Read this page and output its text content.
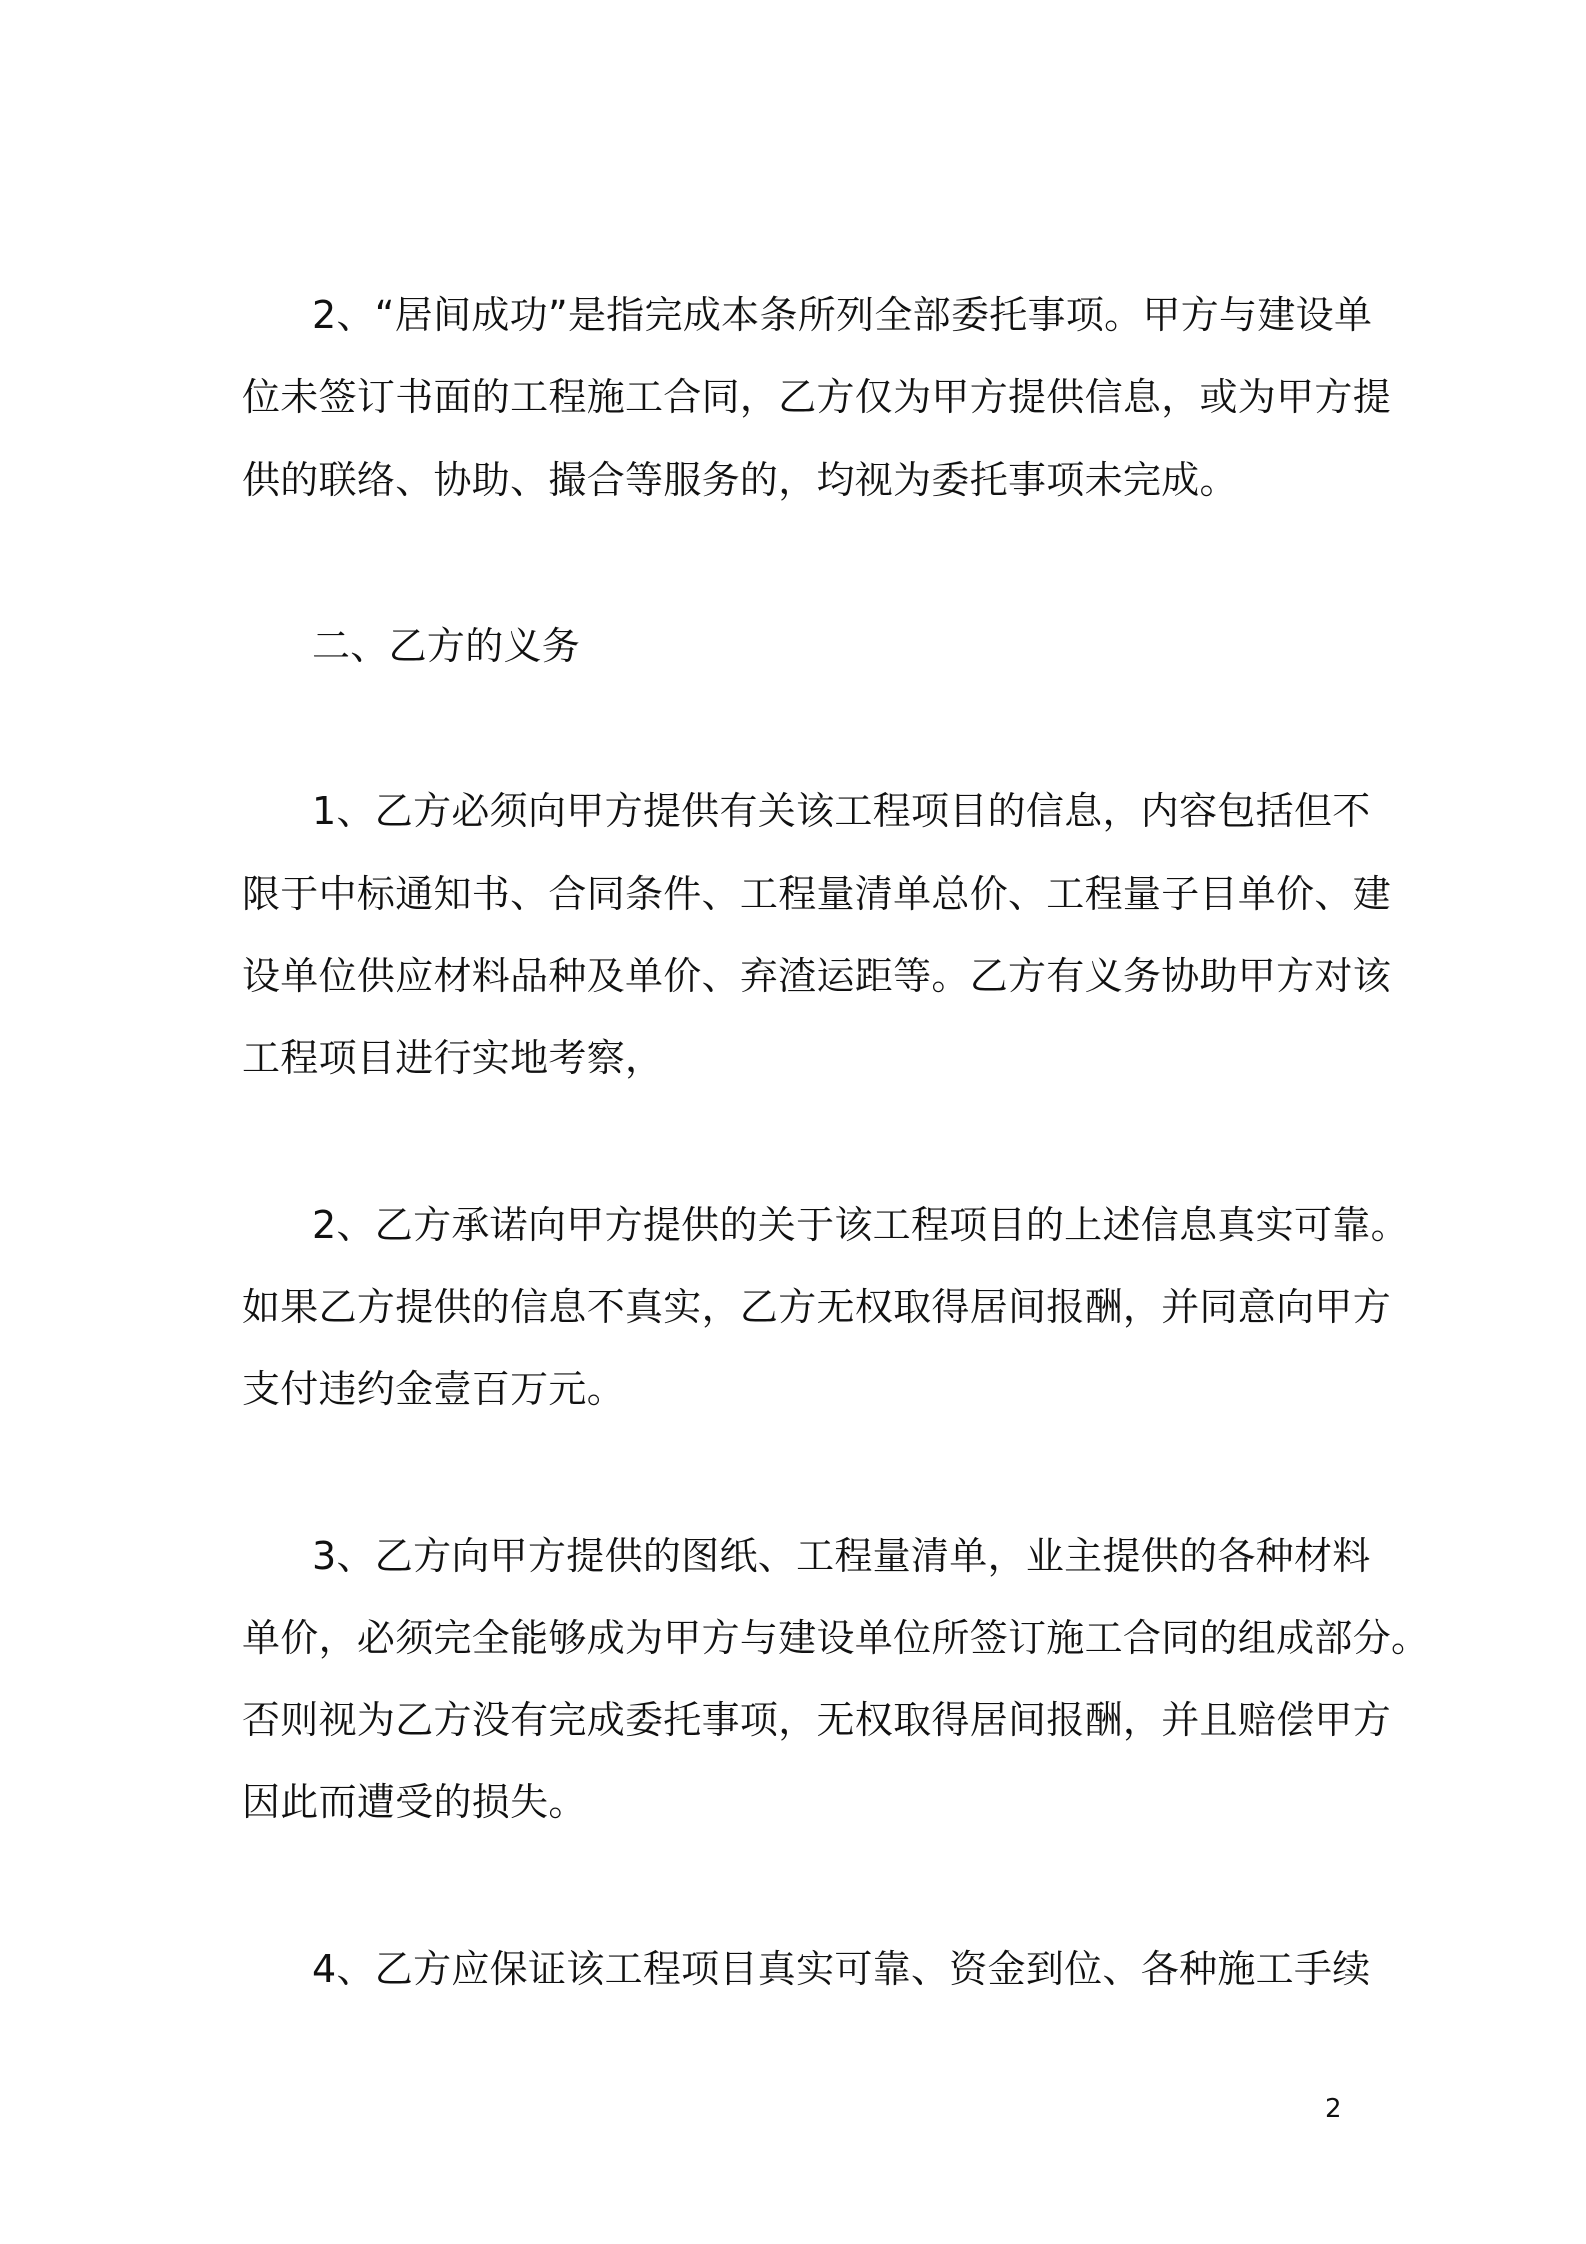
2、“居间成功”是指完成本条所列全部委托事项。甲方与建设单
位未签订书面的工程施工合同，乙方仅为甲方提供信息，或为甲方提
供的联络、协助、撮合等服务的，均视为委托事项未完成。
二、乙方的义务
1、乙方必须向甲方提供有关该工程项目的信息，内容包括但不
限于中标通知书、合同条件、工程量清单总价、工程量子目单价、建
设单位供应材料品种及单价、弃渣运距等。乙方有义务协助甲方对该
工程项目进行实地考察，
2、乙方承诺向甲方提供的关于该工程项目的上述信息真实可靠。
如果乙方提供的信息不真实，乙方无权取得居间报酬，并同意向甲方
支付违约金壹百万元。
3、乙方向甲方提供的图纸、工程量清单，业主提供的各种材料
单价，必须完全能够成为甲方与建设单位所签订施工合同的组成部分。
否则视为乙方没有完成委托事项，无权取得居间报酬，并且赔偿甲方
因此而遭受的损失。
4、乙方应保证该工程项目真实可靠、资金到位、各种施工手续
2
